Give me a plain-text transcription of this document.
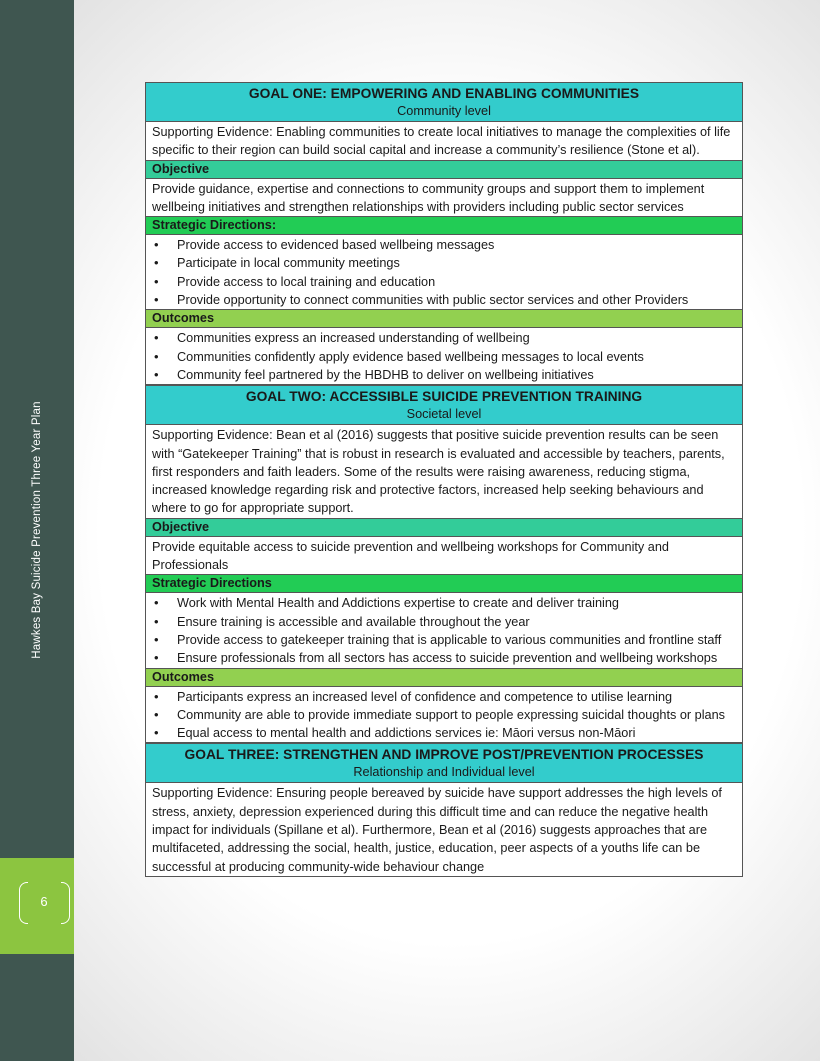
Hawkes Bay Suicide Prevention Three Year Plan
6
GOAL ONE: EMPOWERING AND ENABLING COMMUNITIES
Community level
Supporting Evidence: Enabling communities to create local initiatives to manage the complexities of life specific to their region can build social capital and increase a community’s resilience (Stone et al).
Objective
Provide guidance, expertise and connections to community groups and support them to implement wellbeing initiatives and strengthen relationships with providers including public sector services
Strategic Directions:
• Provide access to evidenced based wellbeing messages
• Participate in local community meetings
• Provide access to local training and education
• Provide opportunity to connect communities with public sector services and other Providers
Outcomes
• Communities express an increased understanding of wellbeing
• Communities confidently apply evidence based wellbeing messages to local events
• Community feel partnered by the HBDHB to deliver on wellbeing initiatives
GOAL TWO: ACCESSIBLE SUICIDE PREVENTION TRAINING
Societal level
Supporting Evidence: Bean et al (2016) suggests that positive suicide prevention results can be seen with “Gatekeeper Training” that is robust in research is evaluated and accessible by teachers, parents, first responders and faith leaders. Some of the results were raising awareness, reducing stigma, increased knowledge regarding risk and protective factors, increased help seeking behaviours and where to go for appropriate support.
Objective
Provide equitable access to suicide prevention and wellbeing workshops for Community and Professionals
Strategic Directions
• Work with Mental Health and Addictions expertise to create and deliver training
• Ensure training is accessible and available throughout the year
• Provide access to gatekeeper training that is applicable to various communities and frontline staff
• Ensure professionals from all sectors has access to suicide prevention and wellbeing workshops
Outcomes
• Participants express an increased level of confidence and competence to utilise learning
• Community are able to provide immediate support to people expressing suicidal thoughts or plans
• Equal access to mental health and addictions services ie: Māori versus non-Māori
GOAL THREE: STRENGTHEN AND IMPROVE POST/PREVENTION PROCESSES
Relationship and Individual level
Supporting Evidence: Ensuring people bereaved by suicide have support addresses the high levels of stress, anxiety, depression experienced during this difficult time and can reduce the negative health impact for individuals (Spillane et al). Furthermore, Bean et al (2016) suggests approaches that are multifaceted, addressing the social, health, justice, education, peer aspects of a youths life can be successful at producing community-wide behaviour change
